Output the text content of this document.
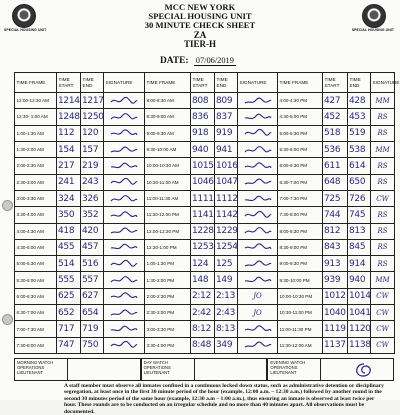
SPECIAL HOUSING UNIT	SPECIAL HOUSING UNIT
MCC NEW YORK
SPECIAL HOUSING UNIT
30 MINUTE CHECK SHEET
ZA
TIER-H
DATE: 07/06/2019
TIME FRAME	TIME START	TIME END	SIGNATURE	TIME FRAME	TIME START	TIME END	SIGNATURE	TIME FRAME	TIME START	TIME END	SIGNATURE
12:00-12:30 AM	1214	1217		8:00-8:30 AM	808	809		4:00-4:30 PM	427	428	MM
12:30- 1:00 AM	1248	1250		8:30-9:00 AM	836	837		4:30-5:00 PM	452	453	RS
1:00-1:30 AM	112	120		9:00-9:30 AM	918	919		5:00-5:30 PM	518	519	RS
1:30-2:00 AM	154	157		9:30-10:00 AM	940	941		5:30-6:00 PM	536	538	MM
2:00-2:30 AM	217	219		10:00-10:30 AM	1015	1016		6:00-6:30 PM	611	614	RS
2:30-3:00 AM	241	243		10:30-11:00 AM	1046	1047		6:30-7:00 PM	648	650	RS
3:00-3:30 AM	324	326		11:00-11:30 AM	1111	1112		7:00-7:30 PM	725	726	CW
3:30-4:00 AM	350	352		11:30-12:00 PM	1141	1142		7:30-8:00 PM	744	745	RS
4:00-4:30 AM	418	420		12:00-12:30 PM	1228	1229		8:00-8:30 PM	812	813	RS
4:30-5:00 AM	455	457		12:30-1:00 PM	1253	1254		8:30-9:00 PM	843	845	RS
5:00-5:30 AM	514	516		1:00-1:30 PM	124	125		9:00-9:30 PM	913	914	RS
5:30-6:00 AM	555	557		1:30-2:00 PM	148	149		9:30-10:00 PM	939	940	MM
6:00-6:30 AM	625	627		2:00-2:30 PM	2:12	2:13	JO	10:00-10:30 PM	1012	1014	CW
6:30-7:00 AM	652	654		2:30-3:00 PM	2:42	2:43	JO	10:30-11:00 PM	1040	1041	CW
7:00-7:30 AM	717	719		3:00-3:30 PM	8:12	8:13		11:00-11:30 PM	1119	1120	CW
7:30-8:00 AM	747	750		3:30-4:00 PM	8:48	349		11:30-12:00 AM	1137	1138	CW
MORNING WATCH OPERATIONS LIEUTENANT
DAY WATCH OPERATIONS LIEUTENANT
EVENING WATCH OPERATIONS LIEUTENANT
A staff member must observe all inmates confined in a continuous locked down status, such as administrative detention or disciplinary segregation, at least once in the first 30 minute period of the hour (example, 12:00 a.m. – 12:30 a.m.) followed by another round in the second 30 minutes period of the same hour (example, 12:30 a.m – 1:00 a.m.), thus ensuring an inmate is observed at least twice per hour. These rounds are to be conducted on an irregular schedule and no more than 40 minutes apart. All observations must be documented.
